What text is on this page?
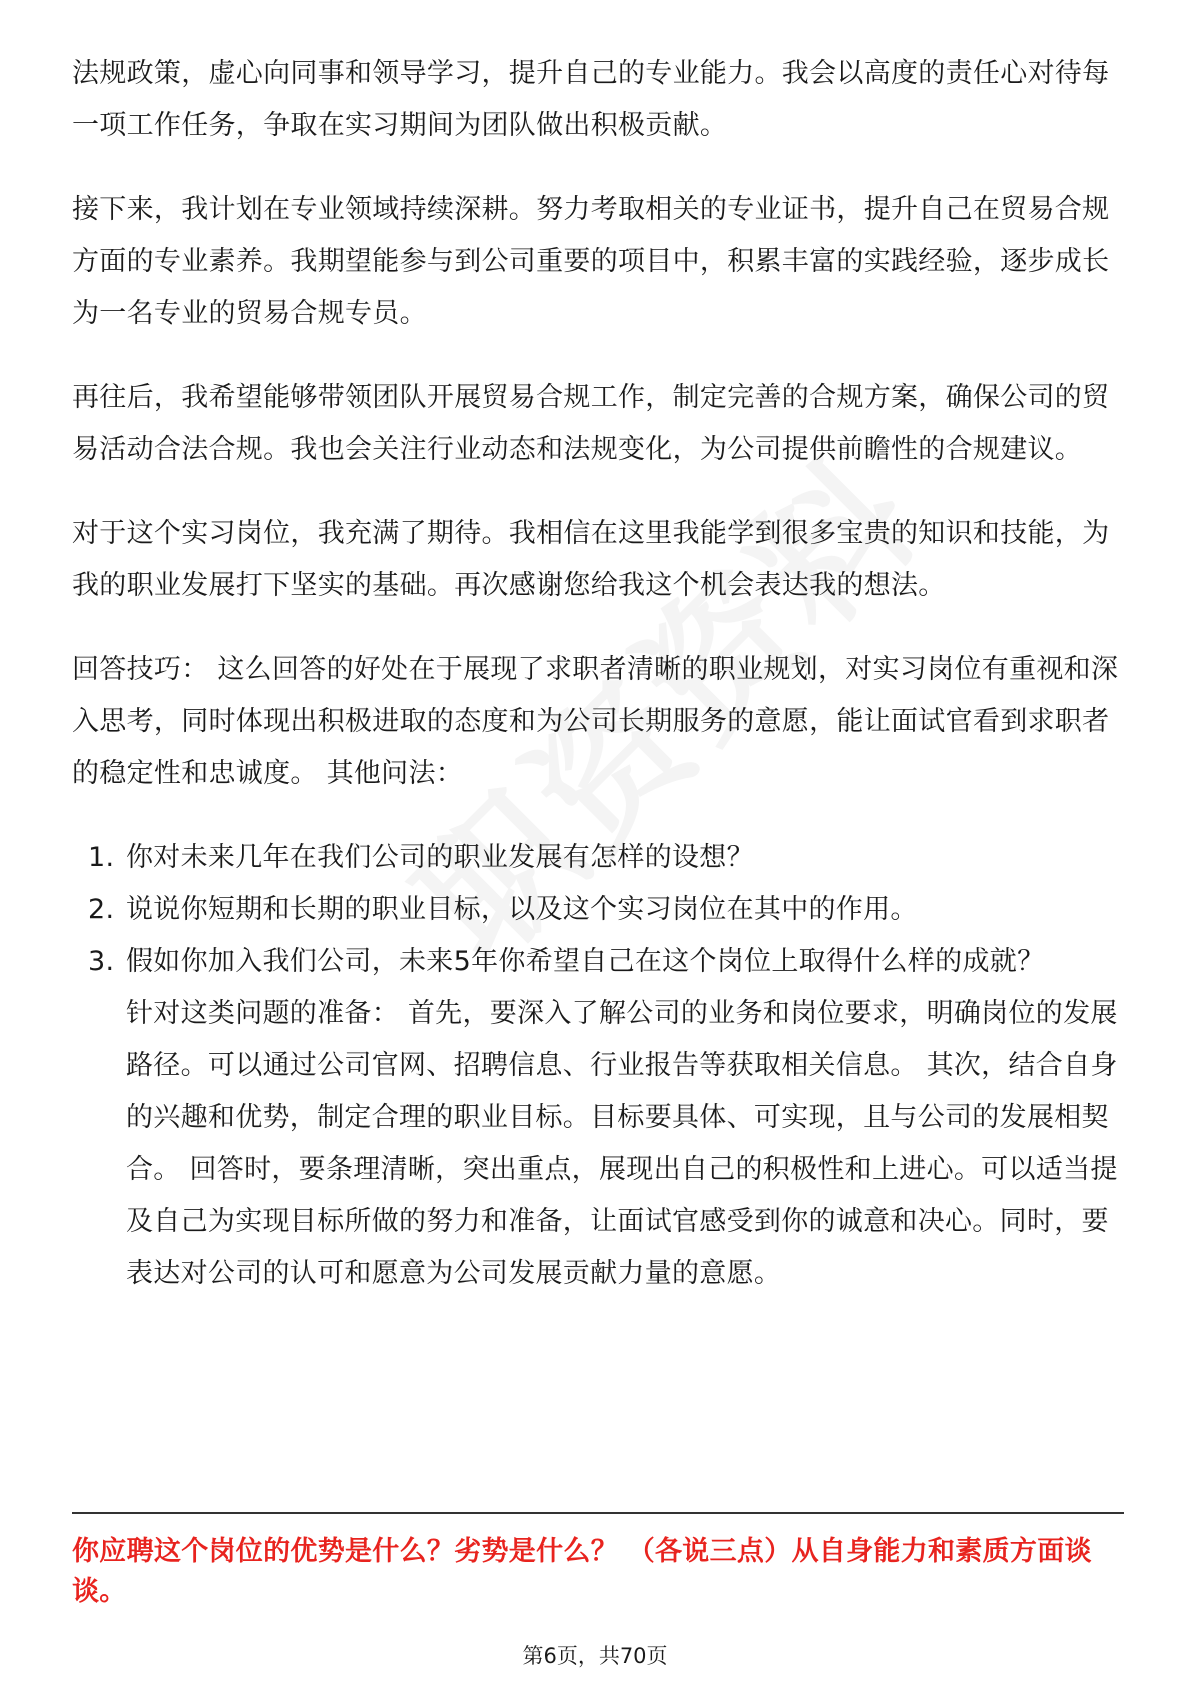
法规政策，虚心向同事和领导学习，提升自己的专业能力。我会以高度的责任心对待每一项工作任务，争取在实习期间为团队做出积极贡献。

接下来，我计划在专业领域持续深耕。努力考取相关的专业证书，提升自己在贸易合规方面的专业素养。我期望能参与到公司重要的项目中，积累丰富的实践经验，逐步成长为一名专业的贸易合规专员。

再往后，我希望能够带领团队开展贸易合规工作，制定完善的合规方案，确保公司的贸易活动合法合规。我也会关注行业动态和法规变化，为公司提供前瞻性的合规建议。

对于这个实习岗位，我充满了期待。我相信在这里我能学到很多宝贵的知识和技能，为我的职业发展打下坚实的基础。再次感谢您给我这个机会表达我的想法。

回答技巧： 这么回答的好处在于展现了求职者清晰的职业规划，对实习岗位有重视和深入思考，同时体现出积极进取的态度和为公司长期服务的意愿，能让面试官看到求职者的稳定性和忠诚度。 其他问法：

1. 你对未来几年在我们公司的职业发展有怎样的设想？
2. 说说你短期和长期的职业目标，以及这个实习岗位在其中的作用。
3. 假如你加入我们公司，未来5年你希望自己在这个岗位上取得什么样的成就？
针对这类问题的准备： 首先，要深入了解公司的业务和岗位要求，明确岗位的发展路径。可以通过公司官网、招聘信息、行业报告等获取相关信息。 其次，结合自身的兴趣和优势，制定合理的职业目标。目标要具体、可实现，且与公司的发展相契合。 回答时，要条理清晰，突出重点，展现出自己的积极性和上进心。可以适当提及自己为实现目标所做的努力和准备，让面试官感受到你的诚意和决心。同时，要表达对公司的认可和愿意为公司发展贡献力量的意愿。
你应聘这个岗位的优势是什么？劣势是什么？ （各说三点）从自身能力和素质方面谈谈。
第6页，共70页
